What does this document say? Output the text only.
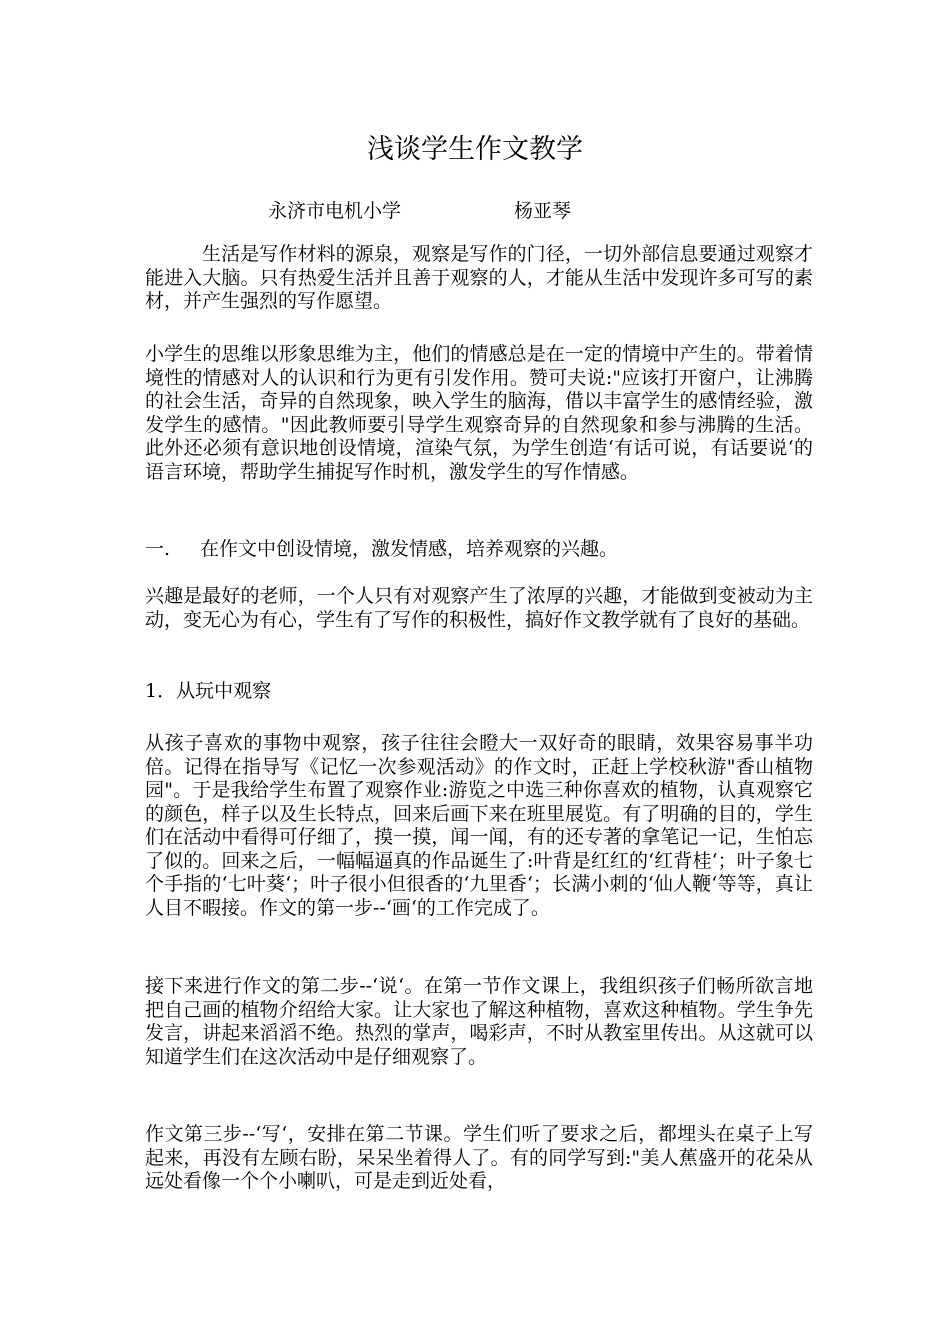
浅谈学生作文教学
永济市电机小学	杨亚琴

生活是写作材料的源泉，观察是写作的门径，一切外部信息要通过观察才能进入大脑。只有热爱生活并且善于观察的人，才能从生活中发现许多可写的素材，并产生强烈的写作愿望。

小学生的思维以形象思维为主，他们的情感总是在一定的情境中产生的。带着情境性的情感对人的认识和行为更有引发作用。赞可夫说:"应该打开窗户，让沸腾的社会生活，奇异的自然现象，映入学生的脑海，借以丰富学生的感情经验，激发学生的感情。"因此教师要引导学生观察奇异的自然现象和参与沸腾的生活。此外还必须有意识地创设情境，渲染气氛，为学生创造‘有话可说，有话要说‘的语言环境，帮助学生捕捉写作时机，激发学生的写作情感。

一. 在作文中创设情境，激发情感，培养观察的兴趣。

兴趣是最好的老师，一个人只有对观察产生了浓厚的兴趣，才能做到变被动为主动，变无心为有心，学生有了写作的积极性，搞好作文教学就有了良好的基础。

1．从玩中观察

从孩子喜欢的事物中观察，孩子往往会瞪大一双好奇的眼睛，效果容易事半功倍。记得在指导写《记忆一次参观活动》的作文时，正赶上学校秋游"香山植物园"。于是我给学生布置了观察作业:游览之中选三种你喜欢的植物，认真观察它的颜色，样子以及生长特点，回来后画下来在班里展览。有了明确的目的，学生们在活动中看得可仔细了，摸一摸，闻一闻，有的还专著的拿笔记一记，生怕忘了似的。回来之后，一幅幅逼真的作品诞生了:叶背是红红的‘红背桂‘；叶子象七个手指的‘七叶葵‘；叶子很小但很香的‘九里香‘；长满小刺的‘仙人鞭‘等等，真让人目不暇接。作文的第一步--‘画‘的工作完成了。

接下来进行作文的第二步--‘说‘。在第一节作文课上，我组织孩子们畅所欲言地把自己画的植物介绍给大家。让大家也了解这种植物，喜欢这种植物。学生争先发言，讲起来滔滔不绝。热烈的掌声，喝彩声，不时从教室里传出。从这就可以知道学生们在这次活动中是仔细观察了。

作文第三步--‘写‘，安排在第二节课。学生们听了要求之后，都埋头在桌子上写起来，再没有左顾右盼，呆呆坐着得人了。有的同学写到:"美人蕉盛开的花朵从远处看像一个个小喇叭，可是走到近处看，
